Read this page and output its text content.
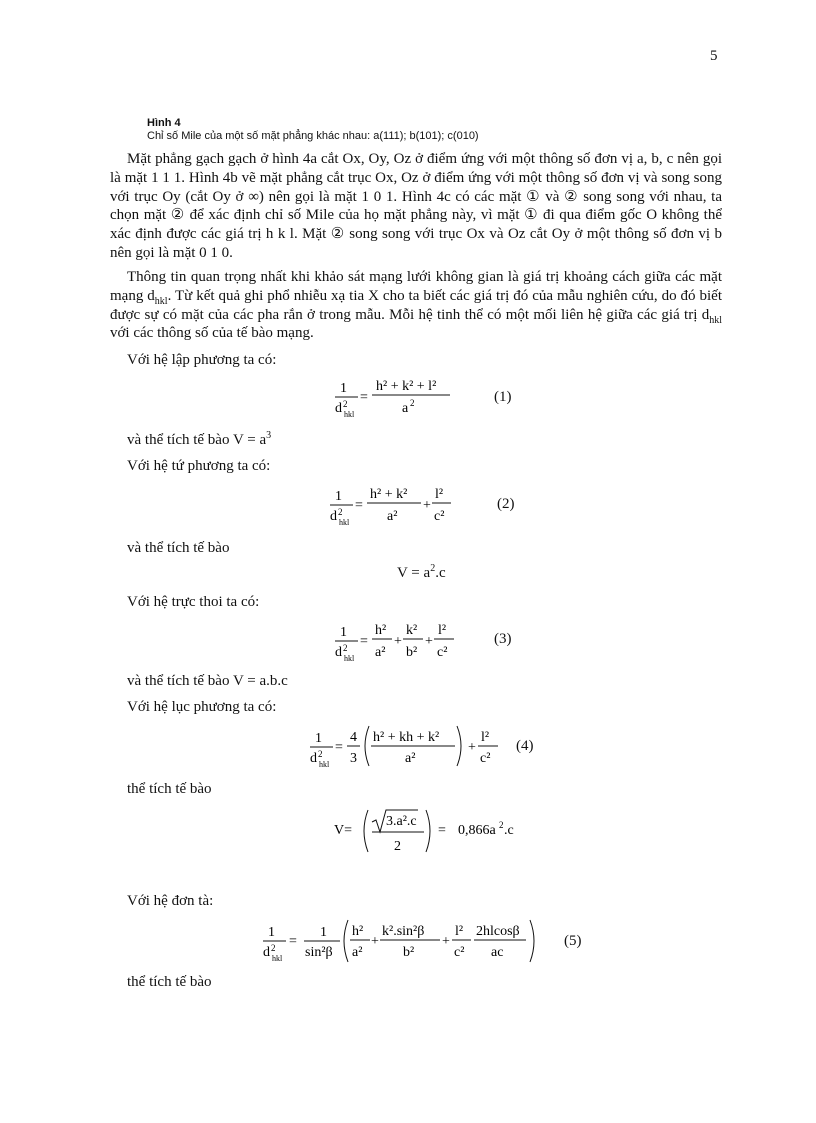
5
Hình 4
Chỉ số Mile của một số mặt phẳng khác nhau: a(111); b(101); c(010)

Mặt phẳng gạch gạch ở hình 4a cắt Ox, Oy, Oz ở điểm ứng với một thông số đơn vị a, b, c nên gọi là mặt 1 1 1. Hình 4b vẽ mặt phẳng cắt trục Ox, Oz ở điểm ứng với một thông số đơn vị và song song với trục Oy (cắt Oy ở ∞) nên gọi là mặt 1 0 1. Hình 4c có các mặt ① và ② song song với nhau, ta chọn mặt ② để xác định chỉ số Mile của họ mặt phẳng này, vì mặt ① đi qua điểm gốc O không thể xác định được các giá trị h k l. Mặt ② song song với trục Ox và Oz cắt Oy ở một thông số đơn vị b nên gọi là mặt 0 1 0.

Thông tin quan trọng nhất khi khảo sát mạng lưới không gian là giá trị khoảng cách giữa các mặt mạng $d_{hkl}$. Từ kết quả ghi phổ nhiễu xạ tia X cho ta biết các giá trị đó của mẫu nghiên cứu, do đó biết được sự có mặt của các pha rắn ở trong mẫu. Mỗi hệ tinh thể có một mối liên hệ giữa các giá trị $d_{hkl}$ với các thông số của tế bào mạng.

Với hệ lập phương ta có:
1
d 2
hkl
=
h² + k² + l²
a 2	(1)
và thể tích tế bào $V = a^3$
Với hệ tứ phương ta có:
1
d 2
hkl
=
h² + k²
a²
+
l²
c²
(2)
và thể tích tế bào
$V = a^2.c$
Với hệ trực thoi ta có:
1
d 2
hkl
=
h²
a²
+
k²
b²
+
l²
c²
(3)
và thể tích tế bào V = a.b.c
Với hệ lục phương ta có:
1
d 2
hkl
=
4
3
h² + kh + k²
a²
+
l²
c²
(4)
thể tích tế bào
V=
3.a².c
2
= 0,866a 2 .c
Với hệ đơn tà:
1
d 2
hkl
=
1
sin²β
h²
a²
+
k².sin²β
b²
+
l²
c²
2hlcosβ
ac
(5)
thể tích tế bào
